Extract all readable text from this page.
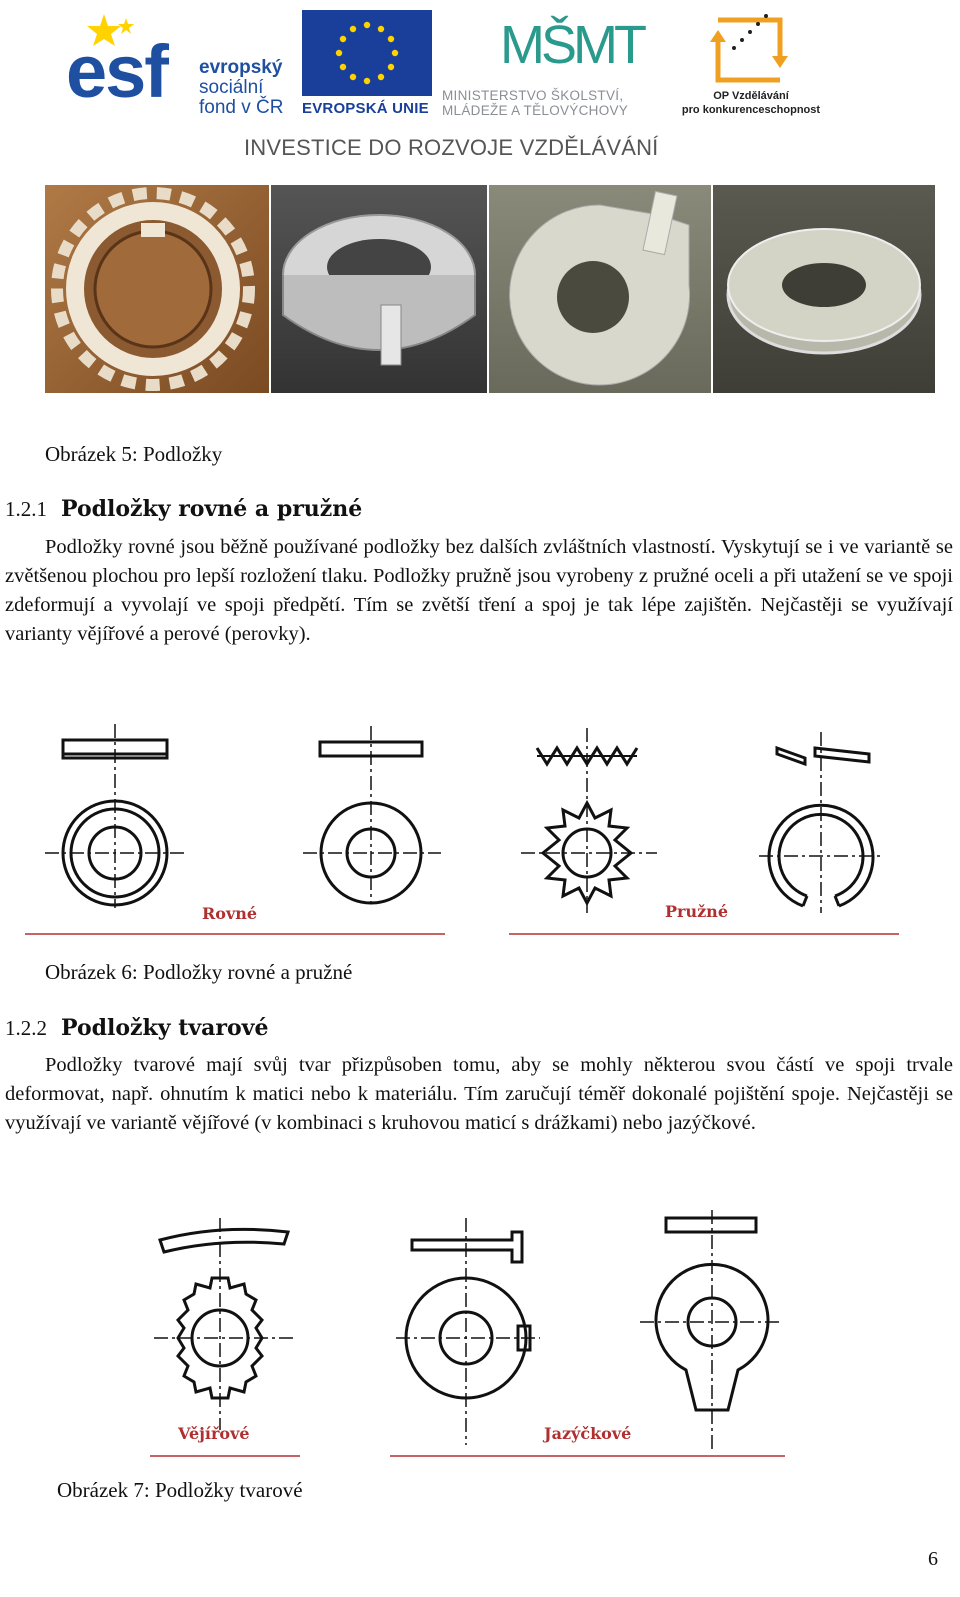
esf evropský
sociální
fond v ČR EVROPSKÁ UNIE
MŠMT
MINISTERSTVO ŠKOLSTVÍ,
MLÁDEŽE A TĚLOVÝCHOVY
OP Vzdělávání
pro konkurenceschopnost
INVESTICE DO ROZVOJE VZDĚLÁVÁNÍ
Obrázek 5: Podložky
1.2.1 Podložky rovné a pružné
Podložky rovné jsou běžně používané podložky bez dalších zvláštních vlastností. Vyskytují se i ve variantě se zvětšenou plochou pro lepší rozložení tlaku. Podložky pružně jsou vyrobeny z pružné oceli a při utažení se ve spoji zdeformují a vyvolají ve spoji předpětí. Tím se zvětší tření a spoj je tak lépe zajištěn. Nejčastěji se využívají varianty vějířové a perové (perovky).
Rovné	Pružné
Obrázek 6: Podložky rovné a pružné
1.2.2 Podložky tvarové
Podložky tvarové mají svůj tvar přizpůsoben tomu, aby se mohly některou svou částí ve spoji trvale deformovat, např. ohnutím k matici nebo k materiálu. Tím zaručují téměř dokonalé pojištění spoje. Nejčastěji se využívají ve variantě vějířové (v kombinaci s kruhovou maticí s drážkami) nebo jazýčkové.
Vějířové	Jazýčkové
Obrázek 7: Podložky tvarové
6
